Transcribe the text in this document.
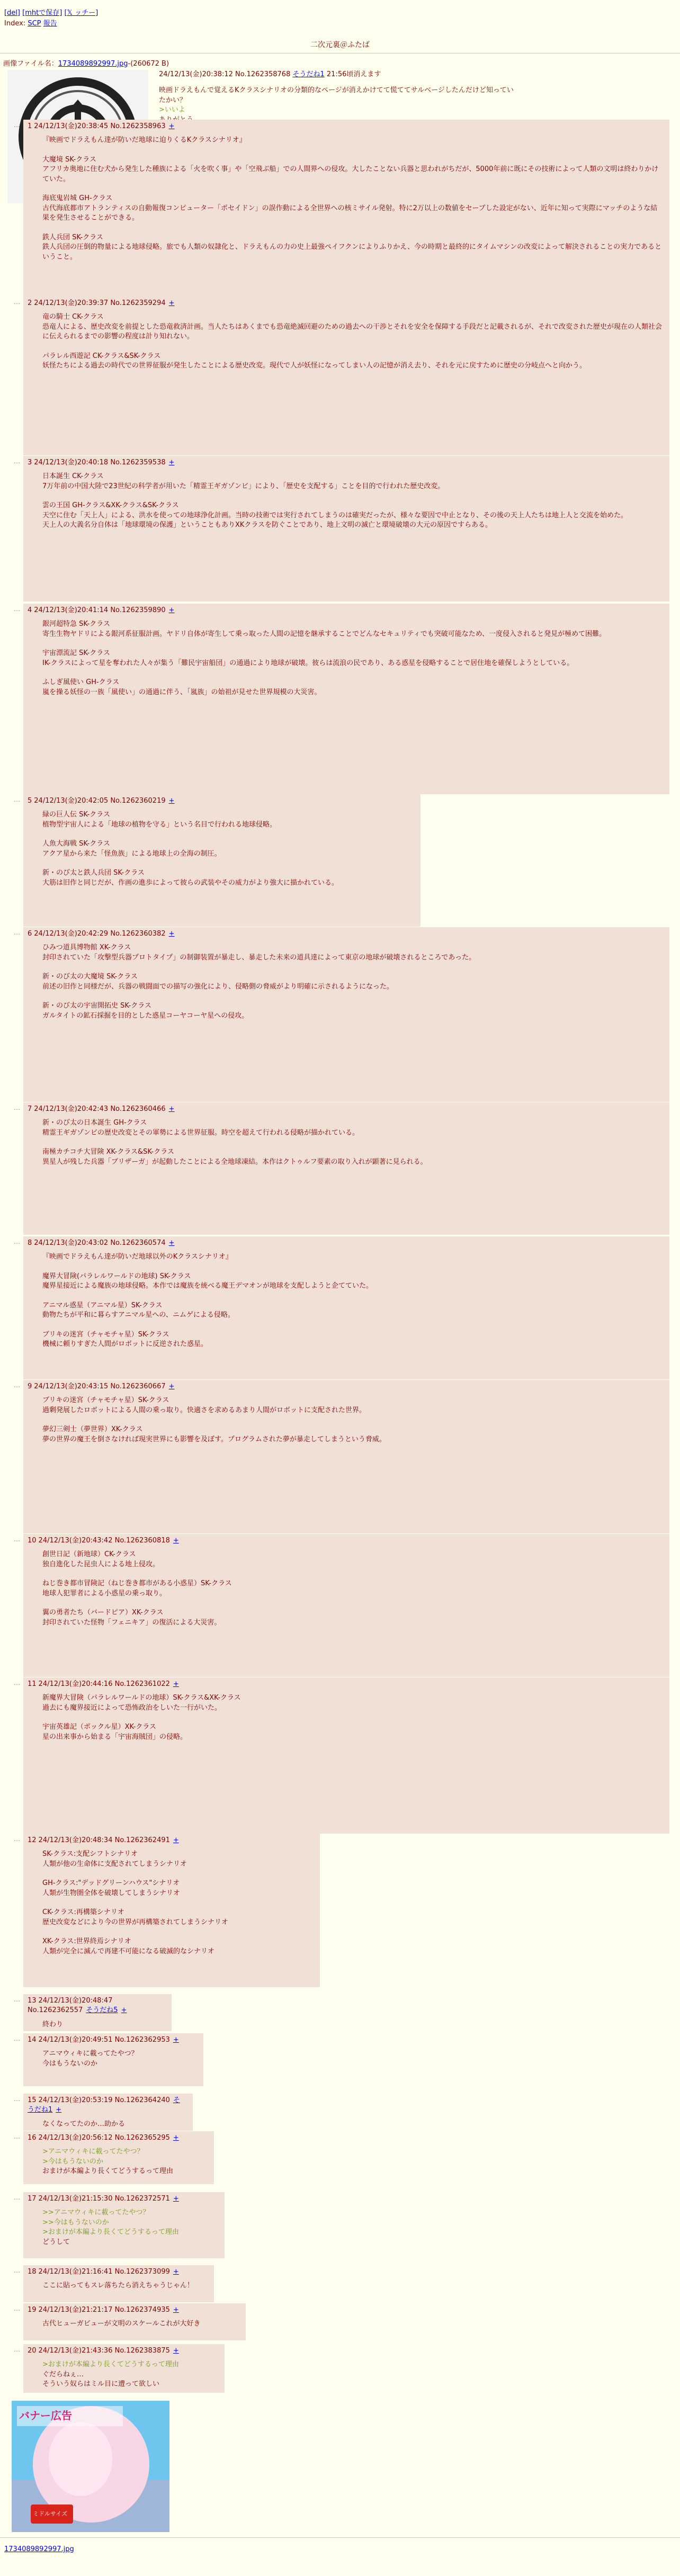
[del] [mhtで保存] [𝕏 ッチー]
Index: SCP 報告
二次元裏＠ふたば
画像ファイル名：1734089892997.jpg-(260672 B)
24/12/13(金)20:38:12 No.1262358768 そうだね1 21:56頃消えます
映画ドラえもんで覚えるKクラスシナリオの分類的なページが消えかけてて慌ててサルベージしたんだけど知ってい
たかい？
>いいよ
1 24/12/13(金)20:38:45 No.1262358963 +
『映画でドラえもん達が防いだ地球に迫りくるKクラスシナリオ』
大魔境 SK-クラス
アフリカ奥地に住む犬から発生した種族による「火を吹く事」や「空飛ぶ船」での人間界への侵攻。大したことない兵器と思われがちだが、5000年前に既にその技術によって人類の文明は終わりかけていた。
海底鬼岩城 GH-クラス
古代海底都市アトランティスの自動報復コンピューター「ポセイドン」の誤作動による全世界への核ミサイル発射。特に2万以上の数値をセーブした設定がない、近年に知って実際にマッチのような結果を発生させることができる。
鉄人兵団 SK-クラス
鉄人兵団の圧倒的物量による地球侵略。旅でも人類の奴隷化と、ドラえもんの力の史上最強ペイフクンによりふりかえ、今の時期と最終的にタイムマシンの改変によって解決されることの実力であるということ。
…
2 24/12/13(金)20:39:37 No.1262359294 +
竜の騎士 CK-クラス
恐竜人による、歴史改変を前提とした恐竜救済計画。当人たちはあくまでも恐竜絶滅回避のための過去への干渉とそれを安全を保障する手段だと記載されるが、それで改変された歴史が現在の人類社会に伝えられるまでの影響の程度は計り知れない。
パラレル西遊記 CK-クラス&SK-クラス
妖怪たちによる過去の時代での世界征服が発生したことによる歴史改変。現代で人が妖怪になってしまい人の記憶が消え去り、それを元に戻すために歴史の分岐点へと向かう。
…
3 24/12/13(金)20:40:18 No.1262359538 +
日本誕生 CK-クラス
7万年前の中国大陸で23世紀の科学者が用いた「精霊王ギガゾンビ」により、「歴史を支配する」ことを目的で行われた歴史改変。
雲の王国 GH-クラス&XK-クラス&SK-クラス
天空に住む「天上人」による、洪水を使っての地球浄化計画。当時の技術では実行されてしまうのは確実だったが、様々な要因で中止となり、その後の天上人たちは地上人と交流を始めた。
天上人の大義名分自体は「地球環境の保護」ということもありXKクラスを防ぐことであり、地上文明の滅亡と環境破壊の大元の原因ですらある。
…
4 24/12/13(金)20:41:14 No.1262359890 +
銀河超特急 SK-クラス
寄生生物ヤドリによる銀河系征服計画。ヤドリ自体が寄生して乗っ取った人間の記憶を継承することでどんなセキュリティでも突破可能なため、一度侵入されると発見が極めて困難。
宇宙漂流記 SK-クラス
IK-クラスによって星を奪われた人々が集う「難民宇宙船団」の通過により地球が破壊。彼らは流浪の民であり、ある惑星を侵略することで居住地を確保しようとしている。
ふしぎ風使い GH-クラス
嵐を操る妖怪の一族「風使い」の通過に伴う、「嵐族」の始祖が見せた世界規模の大災害。
…
5 24/12/13(金)20:42:05 No.1262360219 +
緑の巨人伝 SK-クラス
植物型宇宙人による「地球の植物を守る」という名目で行われる地球侵略。
人魚大海戦 SK-クラス
アクア星から来た「怪魚族」による地球上の全海の制圧。
新・のび太と鉄人兵団 SK-クラス
大筋は旧作と同じだが、作画の進歩によって彼らの武装やその威力がより強大に描かれている。
…
6 24/12/13(金)20:42:29 No.1262360382 +
ひみつ道具博物館 XK-クラス
封印されていた「攻撃型兵器プロトタイプ」の制御装置が暴走し、暴走した未来の道具達によって東京の地球が破壊されるところであった。
新・のび太の大魔境 SK-クラス
前述の旧作と同様だが、兵器の戦闘面での描写の強化により、侵略側の脅威がより明確に示されるようになった。
新・のび太の宇宙開拓史 SK-クラス
ガルタイトの鉱石採掘を目的とした惑星コーヤコーヤ星への侵攻。
…
7 24/12/13(金)20:42:43 No.1262360466 +
新・のび太の日本誕生 GH-クラス
精霊王ギガゾンビの歴史改変とその軍勢による世界征服。時空を超えて行われる侵略が描かれている。
南極カチコチ大冒険 XK-クラス&SK-クラス
異星人が残した兵器「ブリザーガ」が起動したことによる全地球凍結。本作はクトゥルフ要素の取り入れが顕著に見られる。
…
8 24/12/13(金)20:43:02 No.1262360574 +
『映画でドラえもん達が防いだ地球以外のKクラスシナリオ』
魔界大冒険(パラレルワールドの地球) SK-クラス
魔界星接近による魔族の地球侵略。本作では魔族を統べる魔王デマオンが地球を支配しようと企てていた。
アニマル惑星（アニマル星）SK-クラス
動物たちが平和に暮らすアニマル星への、ニムゲによる侵略。
ブリキの迷宮（チャモチャ星）SK-クラス
機械に頼りすぎた人間がロボットに反逆された惑星。
…
9 24/12/13(金)20:43:15 No.1262360667 +
ブリキの迷宮（チャモチャ星）SK-クラス
過剰発展したロボットによる人間の乗っ取り。快適さを求めるあまり人間がロボットに支配された世界。
夢幻三剣士（夢世界）XK-クラス
夢の世界の魔王を倒さなければ現実世界にも影響を及ぼす。プログラムされた夢が暴走してしまうという脅威。
…
10 24/12/13(金)20:43:42 No.1262360818 +
創世日記（新地球）CK-クラス
独自進化した昆虫人による地上侵攻。
ねじ巻き都市冒険記（ねじ巻き都市がある小惑星）SK-クラス
地球人犯罪者による小惑星の乗っ取り。
翼の勇者たち（バードピア）XK-クラス
封印されていた怪物「フェニキア」の復活による大災害。
…
11 24/12/13(金)20:44:16 No.1262361022 +
新魔界大冒険（パラレルワールドの地球）SK-クラス&XK-クラス
過去にも魔界接近によって恐怖政治をしいた一行がいた。
宇宙英雄記（ポックル星）XK-クラス
星の出来事から始まる「宇宙海賊団」の侵略。
…
12 24/12/13(金)20:48:34 No.1262362491 +
SK-クラス:支配シフトシナリオ
人類が他の生命体に支配されてしまうシナリオ
GH-クラス:"デッドグリーンハウス"シナリオ
人類が生物圏全体を破壊してしまうシナリオ
CK-クラス:再構築シナリオ
歴史改変などにより今の世界が再構築されてしまうシナリオ
XK-クラス:世界終焉シナリオ
人類が完全に滅んで再建不可能になる破滅的なシナリオ
…
13 24/12/13(金)20:48:47 No.1262362557 そうだね5 +
終わり
…
14 24/12/13(金)20:49:51 No.1262362953 +
アニマウィキに載ってたやつ？
今はもうないのか
…
15 24/12/13(金)20:53:19 No.1262364240 そうだね1 +
なくなってたのか…助かる
…
16 24/12/13(金)20:56:12 No.1262365295 +
>アニマウィキに載ってたやつ？
>今はもうないのか
おまけが本編より長くてどうするって理由
…
17 24/12/13(金)21:15:30 No.1262372571 +
>>アニマウィキに載ってたやつ？
>>今はもうないのか
>おまけが本編より長くてどうするって理由
どうして
…
18 24/12/13(金)21:16:41 No.1262373099 +
ここに貼ってもスレ落ちたら消えちゃうじゃん！
…
19 24/12/13(金)21:21:17 No.1262374935 +
古代ヒューガビューが文明のスケールこれが大好き
…
20 24/12/13(金)21:43:36 No.1262383875 +
>おまけが本編より長くてどうするって理由
ぐだらねぇ…
そういう奴らはミル目に遭って欲しい
…
バナー広告
ミドルサイズ
1734089892997.jpg
